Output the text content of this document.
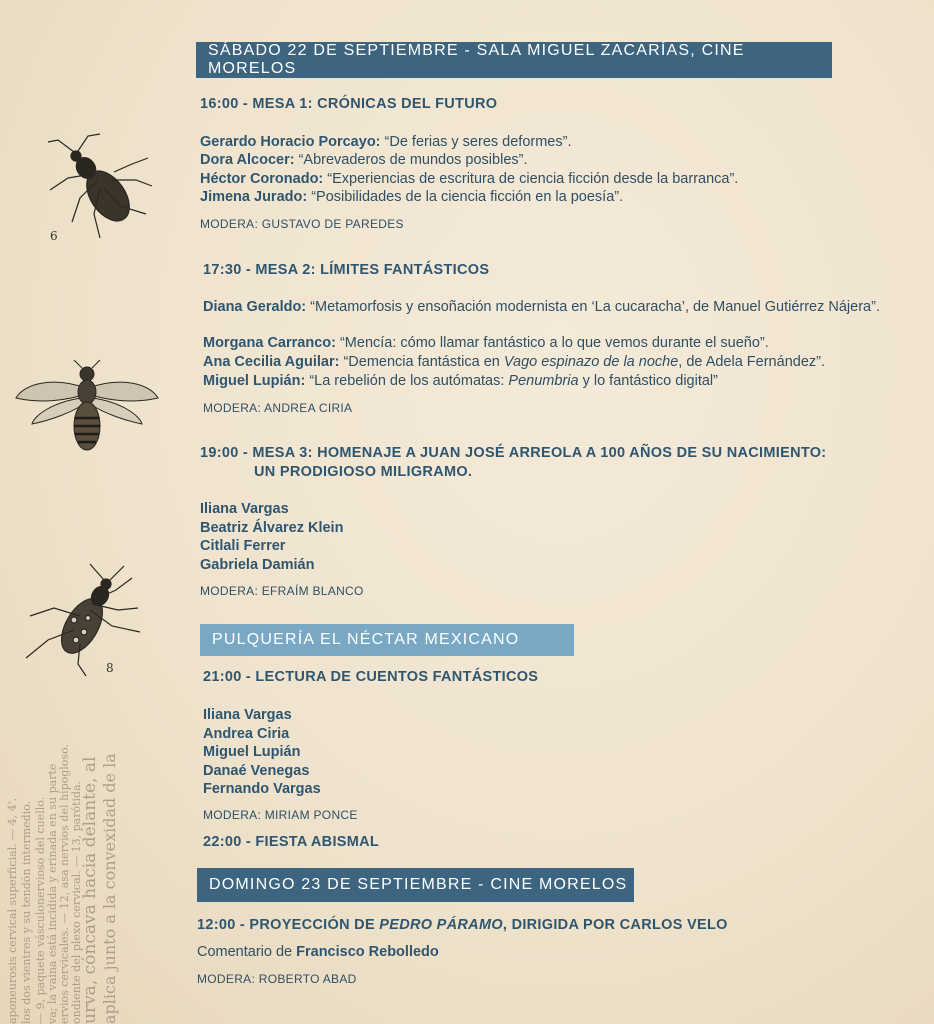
6
8
aponeurosis cervical superficial. — 4, 4'. los dos vientres y su tendón intermedio. — 9, paquete vásculonervioso del cuello. va; la vaina está incidida y erinada en su parte ervios cervicales. — 12, asa nervios del hipogloso. ondiente del plexo cervical. — 13, parótida.
urva, cóncava hacia delante, al aplica junto a la convexidad de la
SÁBADO 22 DE SEPTIEMBRE - SALA MIGUEL ZACARÍAS, CINE MORELOS
16:00 - MESA 1: CRÓNICAS DEL FUTURO
Gerardo Horacio Porcayo: “De ferias y seres deformes”.
Dora Alcocer: “Abrevaderos de mundos posibles”.
Héctor Coronado: “Experiencias de escritura de ciencia ficción desde la barranca”.
Jimena Jurado: “Posibilidades de la ciencia ficción en la poesía”.
MODERA: GUSTAVO DE PAREDES
17:30 - MESA 2: LÍMITES FANTÁSTICOS
Diana Geraldo: “Metamorfosis y ensoñación modernista en ‘La cucaracha’, de Manuel Gutiérrez Nájera”.
Morgana Carranco: “Mencía: cómo llamar fantástico a lo que vemos durante el sueño”.
Ana Cecilia Aguilar: “Demencia fantástica en Vago espinazo de la noche, de Adela Fernández”.
Miguel Lupián: “La rebelión de los autómatas: Penumbria y lo fantástico digital”
MODERA: ANDREA CIRIA
19:00 - MESA 3: HOMENAJE A JUAN JOSÉ ARREOLA A 100 AÑOS DE SU NACIMIENTO:
UN PRODIGIOSO MILIGRAMO.
Iliana Vargas
Beatriz Álvarez Klein
Citlali Ferrer
Gabriela Damián
MODERA: EFRAÍM BLANCO
PULQUERÍA EL NÉCTAR MEXICANO
21:00 - LECTURA DE CUENTOS FANTÁSTICOS
Iliana Vargas
Andrea Ciria
Miguel Lupián
Danaé Venegas
Fernando Vargas
MODERA: MIRIAM PONCE
22:00 - FIESTA ABISMAL
DOMINGO 23 DE SEPTIEMBRE - CINE MORELOS
12:00 - PROYECCIÓN DE PEDRO PÁRAMO, DIRIGIDA POR CARLOS VELO
Comentario de Francisco Rebolledo
MODERA: ROBERTO ABAD
